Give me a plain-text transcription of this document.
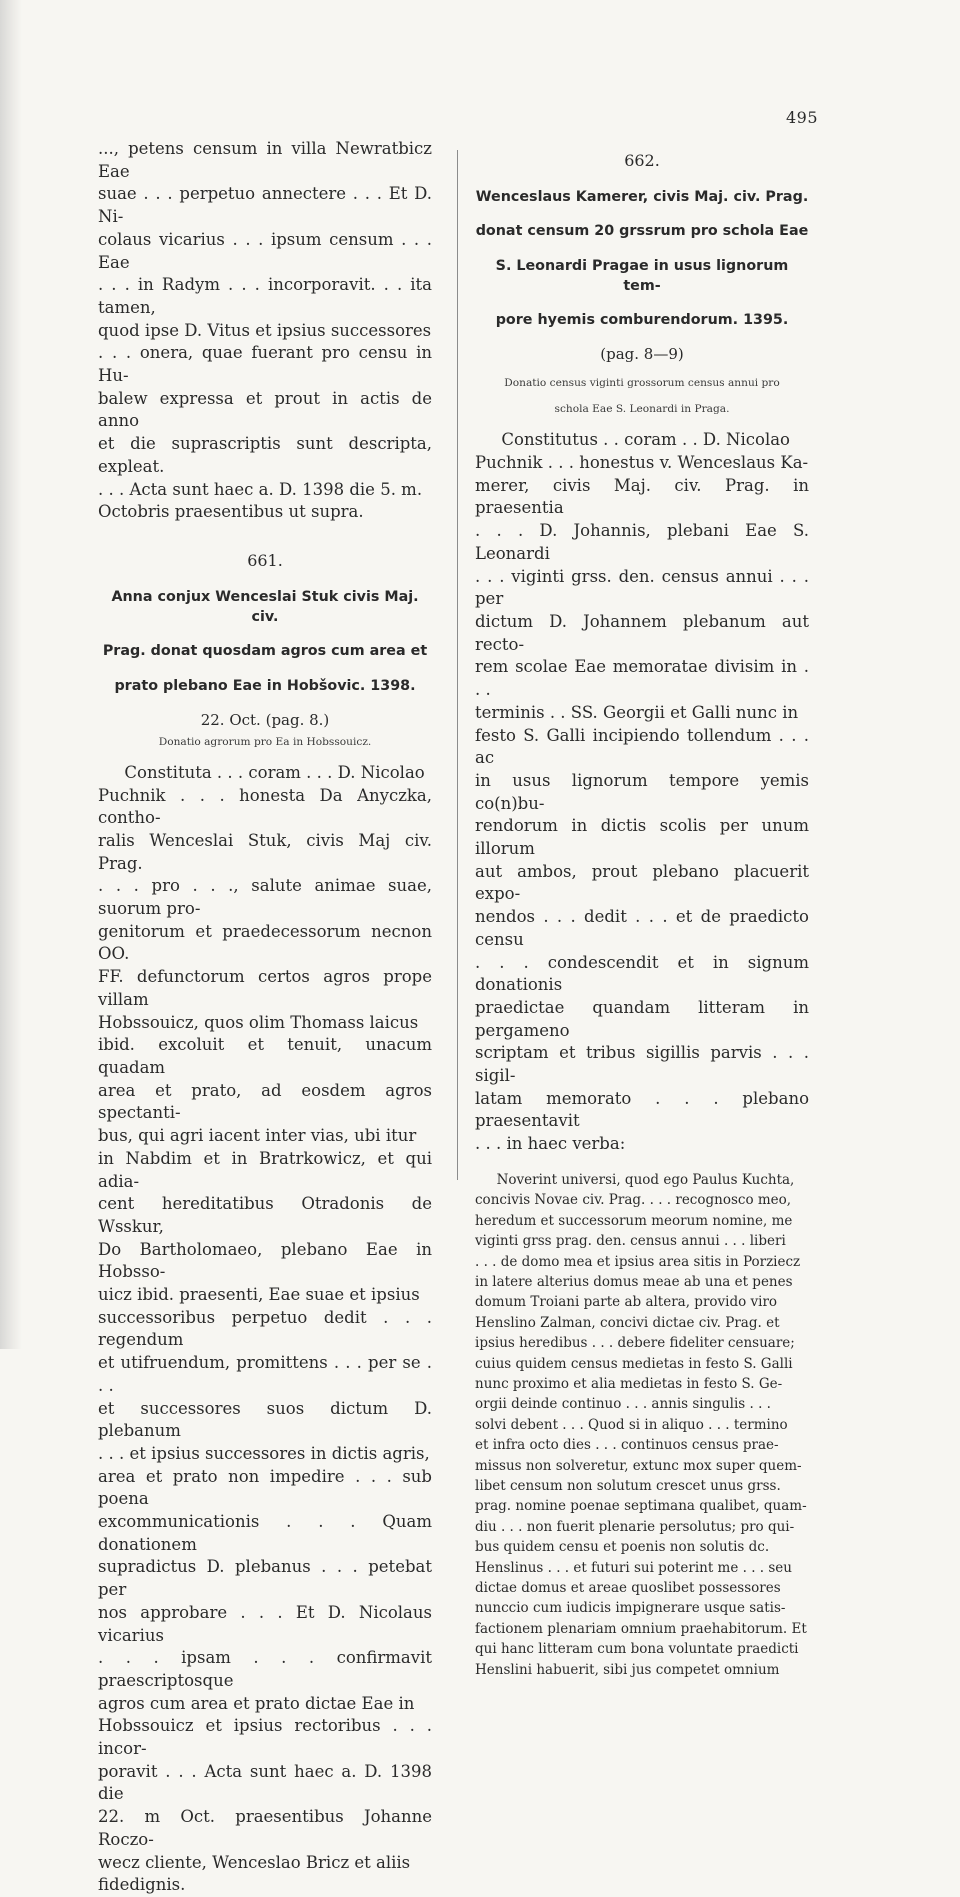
495

..., petens censum in villa Newratbicz Eae

suae . . . perpetuo annectere . . . Et D. Ni-

colaus vicarius . . . ipsum censum . . . Eae

. . . in Radym . . . incorporavit. . . ita tamen,

quod ipse D. Vitus et ipsius successores

. . . onera, quae fuerant pro censu in Hu-

balew expressa et prout in actis de anno

et die suprascriptis sunt descripta, expleat.

. . . Acta sunt haec a. D. 1398 die 5. m.

Octobris praesentibus ut supra.

661.

Anna conjux Wenceslai Stuk civis Maj. civ.

Prag. donat quosdam agros cum area et

prato plebano Eae in Hobšovic. 1398.

22. Oct. (pag. 8.)
Donatio agrorum pro Ea in Hobssouicz.

Constituta . . . coram . . . D. Nicolao

Puchnik . . . honesta Da Anyczka, contho-

ralis Wenceslai Stuk, civis Maj civ. Prag.

. . . pro . . ., salute animae suae, suorum pro-

genitorum et praedecessorum necnon OO.

FF. defunctorum certos agros prope villam

Hobssouicz, quos olim Thomass laicus

ibid. excoluit et tenuit, unacum quadam

area et prato, ad eosdem agros spectanti-

bus, qui agri iacent inter vias, ubi itur

in Nabdim et in Bratrkowicz, et qui adia-

cent hereditatibus Otradonis de Wsskur,

Do Bartholomaeo, plebano Eae in Hobsso-

uicz ibid. praesenti, Eae suae et ipsius

successoribus perpetuo dedit . . . regendum

et utifruendum, promittens . . . per se . . .

et successores suos dictum D. plebanum

. . . et ipsius successores in dictis agris,

area et prato non impedire . . . sub poena

excommunicationis . . . Quam donationem

supradictus D. plebanus . . . petebat per

nos approbare . . . Et D. Nicolaus vicarius

. . . ipsam . . . confirmavit praescriptosque

agros cum area et prato dictae Eae in

Hobssouicz et ipsius rectoribus . . . incor-

poravit . . . Acta sunt haec a. D. 1398 die

22. m Oct. praesentibus Johanne Roczo-

wecz cliente, Wenceslao Bricz et aliis

fidedignis.

662.

Wenceslaus Kamerer, civis Maj. civ. Prag.

donat censum 20 grssrum pro schola Eae

S. Leonardi Pragae in usus lignorum tem-

pore hyemis comburendorum. 1395.

(pag. 8—9)

Donatio census viginti grossorum census annui pro

schola Eae S. Leonardi in Praga.

Constitutus . . coram . . D. Nicolao

Puchnik . . . honestus v. Wenceslaus Ka-

merer, civis Maj. civ. Prag. in praesentia

. . . D. Johannis, plebani Eae S. Leonardi

. . . viginti grss. den. census annui . . . per

dictum D. Johannem plebanum aut recto-

rem scolae Eae memoratae divisim in . . .

terminis . . SS. Georgii et Galli nunc in

festo S. Galli incipiendo tollendum . . . ac

in usus lignorum tempore yemis co(n)bu-

rendorum in dictis scolis per unum illorum

aut ambos, prout plebano placuerit expo-

nendos . . . dedit . . . et de praedicto censu

. . . condescendit et in signum donationis

praedictae quandam litteram in pergameno

scriptam et tribus sigillis parvis . . . sigil-

latam memorato . . . plebano praesentavit

. . . in haec verba:

Noverint universi, quod ego Paulus Kuchta,

concivis Novae civ. Prag. . . . recognosco meo,

heredum et successorum meorum nomine, me

viginti grss prag. den. census annui . . . liberi

. . . de domo mea et ipsius area sitis in Porziecz

in latere alterius domus meae ab una et penes

domum Troiani parte ab altera, provido viro

Henslino Zalman, concivi dictae civ. Prag. et

ipsius heredibus . . . debere fideliter censuare;

cuius quidem census medietas in festo S. Galli

nunc proximo et alia medietas in festo S. Ge-

orgii deinde continuo . . . annis singulis . . .

solvi debent . . . Quod si in aliquo . . . termino

et infra octo dies . . . continuos census prae-

missus non solveretur, extunc mox super quem-

libet censum non solutum crescet unus grss.

prag. nomine poenae septimana qualibet, quam-

diu . . . non fuerit plenarie persolutus; pro qui-

bus quidem censu et poenis non solutis dc.

Henslinus . . . et futuri sui poterint me . . . seu

dictae domus et areae quoslibet possessores

nunccio cum iudicis impignerare usque satis-

factionem plenariam omnium praehabitorum. Et

qui hanc litteram cum bona voluntate praedicti

Henslini habuerit, sibi jus competet omnium
